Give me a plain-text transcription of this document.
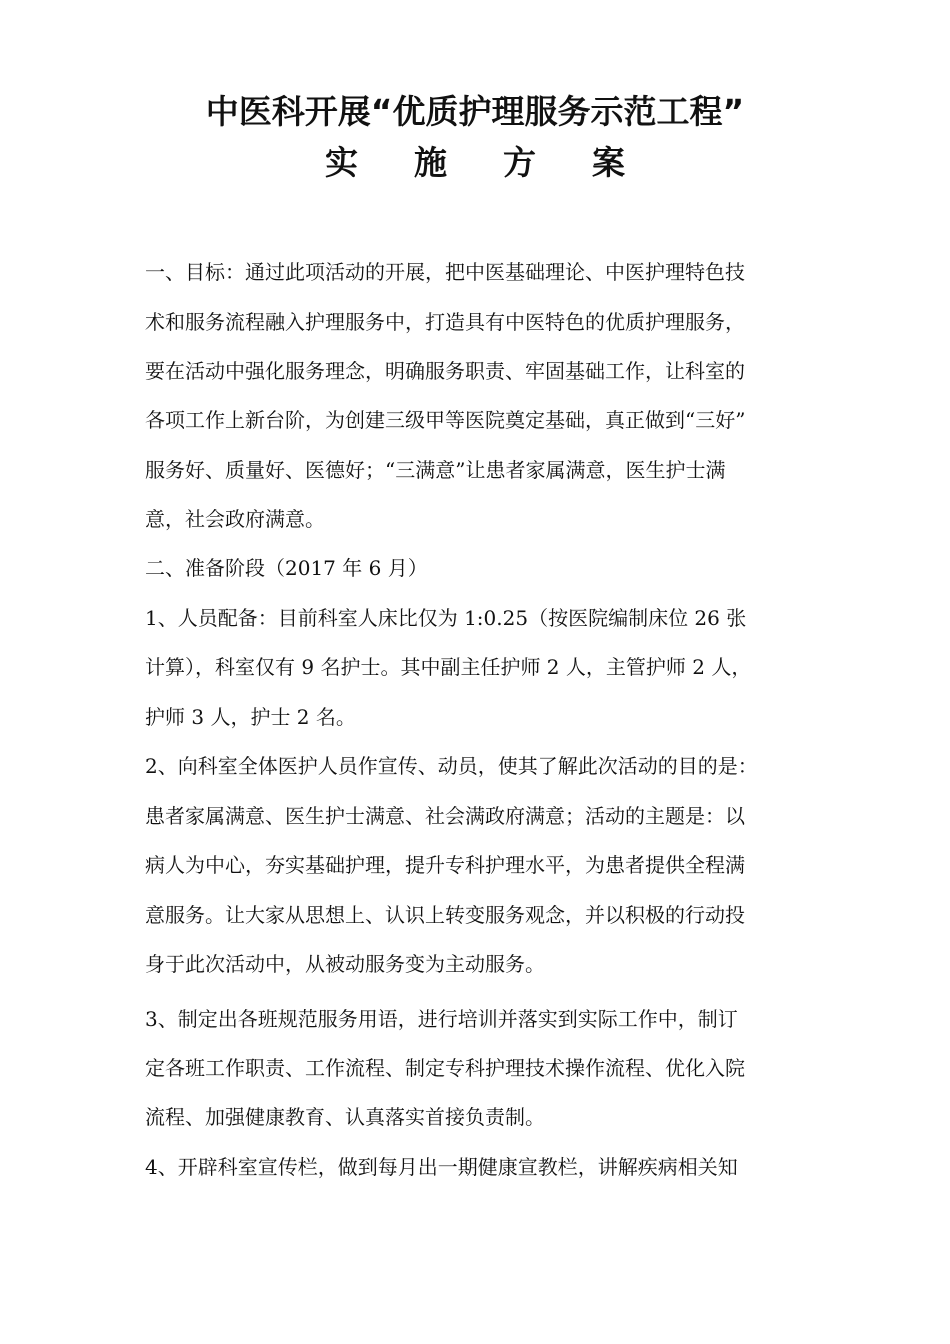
中医科开展“优质护理服务示范工程”
实施方案

一、目标：通过此项活动的开展，把中医基础理论、中医护理特色技

术和服务流程融入护理服务中，打造具有中医特色的优质护理服务，

要在活动中强化服务理念，明确服务职责、牢固基础工作，让科室的

各项工作上新台阶，为创建三级甲等医院奠定基础，真正做到“三好”

服务好、质量好、医德好；“三满意”让患者家属满意，医生护士满

意，社会政府满意。

二、准备阶段（2017 年 6 月）

1、人员配备：目前科室人床比仅为 1:0.25（按医院编制床位 26 张

计算），科室仅有 9 名护士。其中副主任护师 2 人，主管护师 2 人，

护师 3 人，护士 2 名。

2、向科室全体医护人员作宣传、动员，使其了解此次活动的目的是：

患者家属满意、医生护士满意、社会满政府满意；活动的主题是：以

病人为中心，夯实基础护理，提升专科护理水平，为患者提供全程满

意服务。让大家从思想上、认识上转变服务观念，并以积极的行动投

身于此次活动中，从被动服务变为主动服务。

3、制定出各班规范服务用语，进行培训并落实到实际工作中，制订

定各班工作职责、工作流程、制定专科护理技术操作流程、优化入院

流程、加强健康教育、认真落实首接负责制。

4、开辟科室宣传栏，做到每月出一期健康宣教栏，讲解疾病相关知
